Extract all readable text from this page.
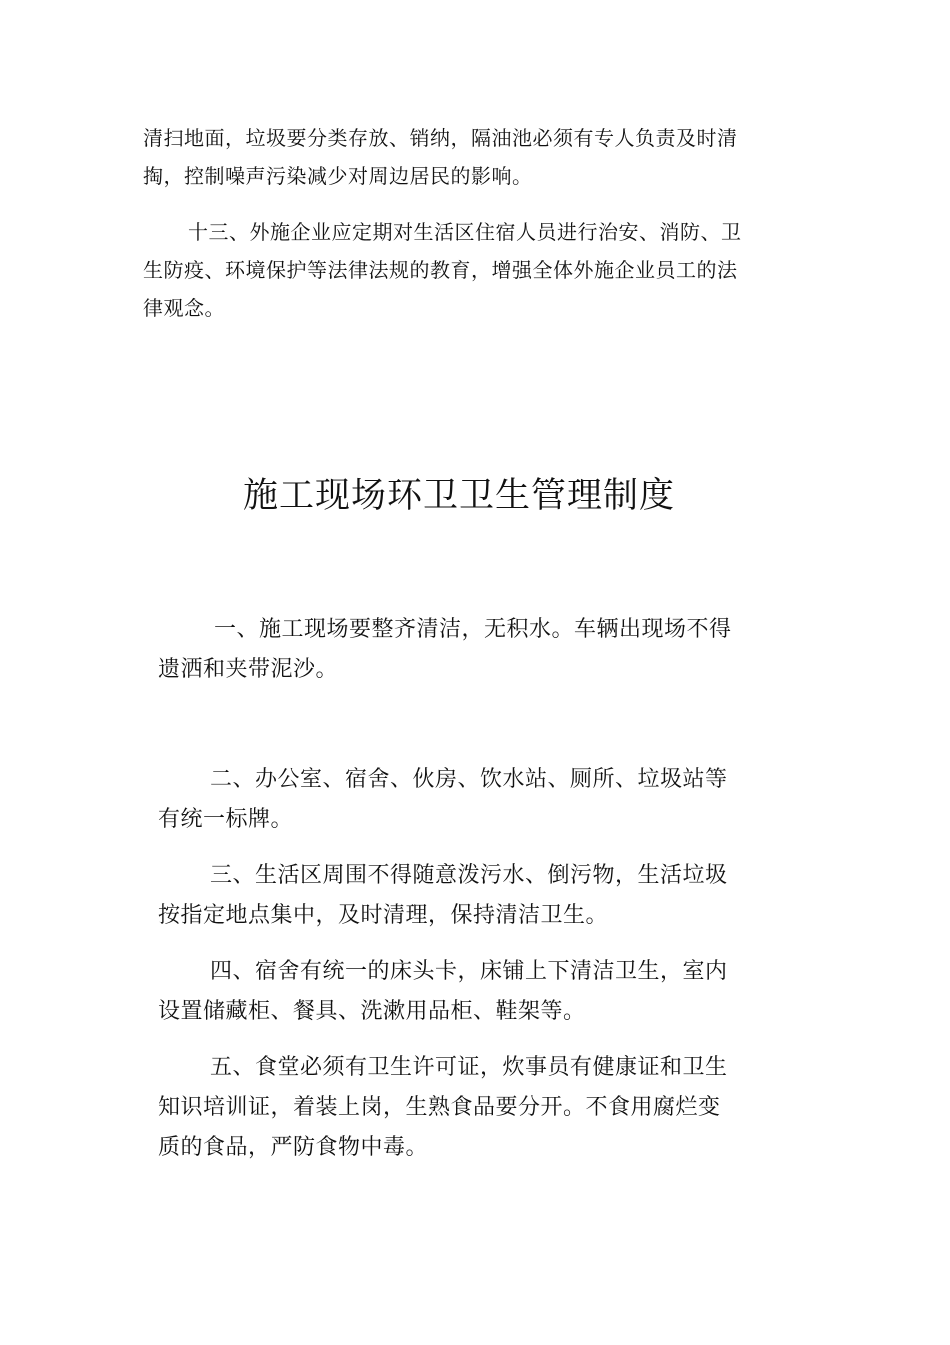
清扫地面，垃圾要分类存放、销纳，隔油池必须有专人负责及时清
掏，控制噪声污染减少对周边居民的影响。

十三、外施企业应定期对生活区住宿人员进行治安、消防、卫
生防疫、环境保护等法律法规的教育，增强全体外施企业员工的法
律观念。

施工现场环卫卫生管理制度

一、施工现场要整齐清洁，无积水。车辆出现场不得
遗洒和夹带泥沙。

二、办公室、宿舍、伙房、饮水站、厕所、垃圾站等
有统一标牌。

三、生活区周围不得随意泼污水、倒污物，生活垃圾
按指定地点集中，及时清理，保持清洁卫生。

四、宿舍有统一的床头卡，床铺上下清洁卫生，室内
设置储藏柜、餐具、洗漱用品柜、鞋架等。

五、食堂必须有卫生许可证，炊事员有健康证和卫生
知识培训证，着装上岗，生熟食品要分开。不食用腐烂变
质的食品，严防食物中毒。
